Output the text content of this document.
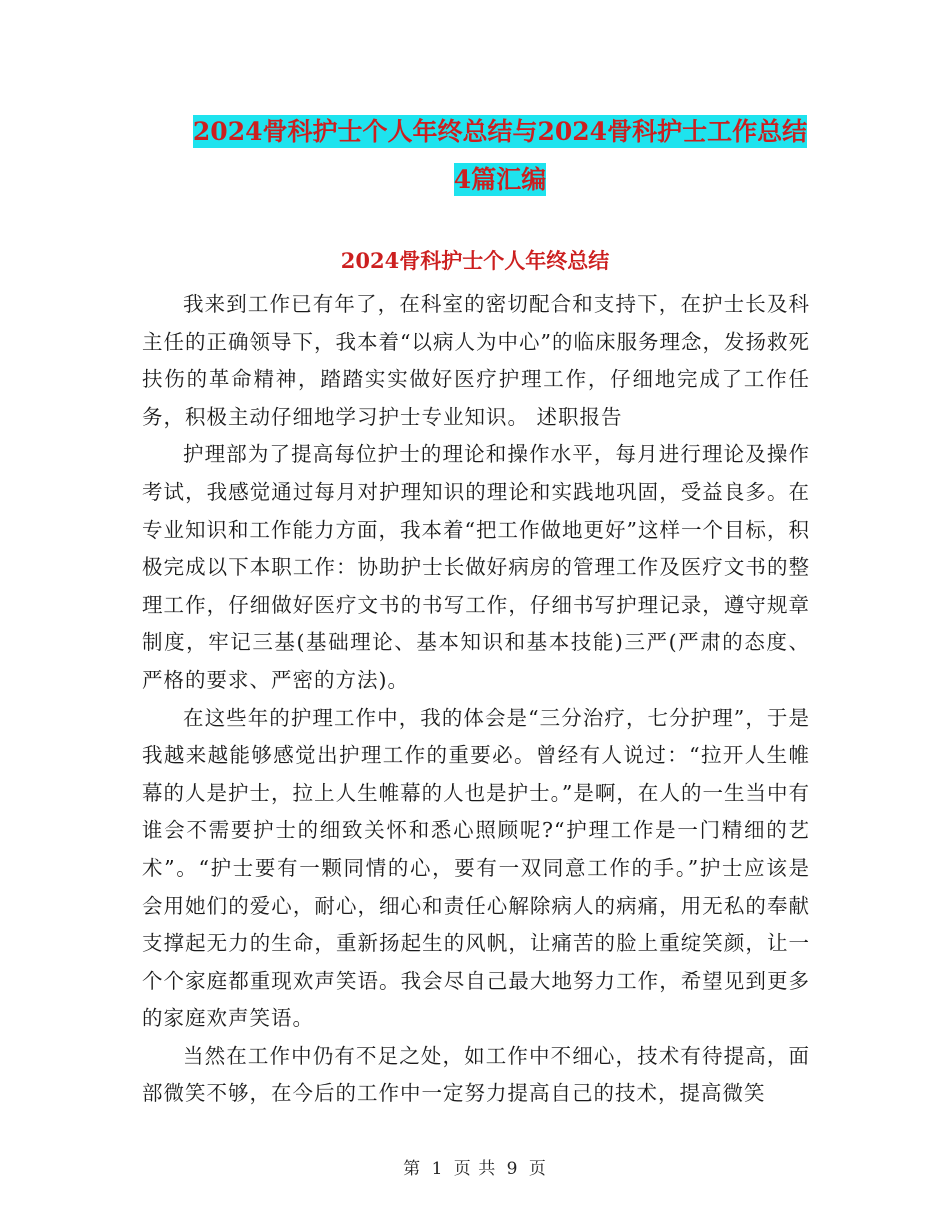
2024骨科护士个人年终总结与2024骨科护士工作总结
4篇汇编
2024骨科护士个人年终总结

我来到工作已有年了，在科室的密切配合和支持下，在护士长及科主任的正确领导下，我本着“以病人为中心”的临床服务理念，发扬救死扶伤的革命精神，踏踏实实做好医疗护理工作，仔细地完成了工作任务，积极主动仔细地学习护士专业知识。 述职报告

护理部为了提高每位护士的理论和操作水平，每月进行理论及操作考试，我感觉通过每月对护理知识的理论和实践地巩固，受益良多。在专业知识和工作能力方面，我本着“把工作做地更好”这样一个目标，积极完成以下本职工作：协助护士长做好病房的管理工作及医疗文书的整理工作，仔细做好医疗文书的书写工作，仔细书写护理记录，遵守规章制度，牢记三基(基础理论、基本知识和基本技能)三严(严肃的态度、严格的要求、严密的方法)。

在这些年的护理工作中，我的体会是“三分治疗，七分护理”，于是我越来越能够感觉出护理工作的重要必。曾经有人说过：“拉开人生帷幕的人是护士，拉上人生帷幕的人也是护士。”是啊，在人的一生当中有谁会不需要护士的细致关怀和悉心照顾呢?“护理工作是一门精细的艺术”。“护士要有一颗同情的心，要有一双同意工作的手。”护士应该是会用她们的爱心，耐心，细心和责任心解除病人的病痛，用无私的奉献支撑起无力的生命，重新扬起生的风帆，让痛苦的脸上重绽笑颜，让一个个家庭都重现欢声笑语。我会尽自己最大地努力工作，希望见到更多的家庭欢声笑语。

当然在工作中仍有不足之处，如工作中不细心，技术有待提高，面部微笑不够，在今后的工作中一定努力提高自己的技术，提高微笑

第 1 页 共 9 页
